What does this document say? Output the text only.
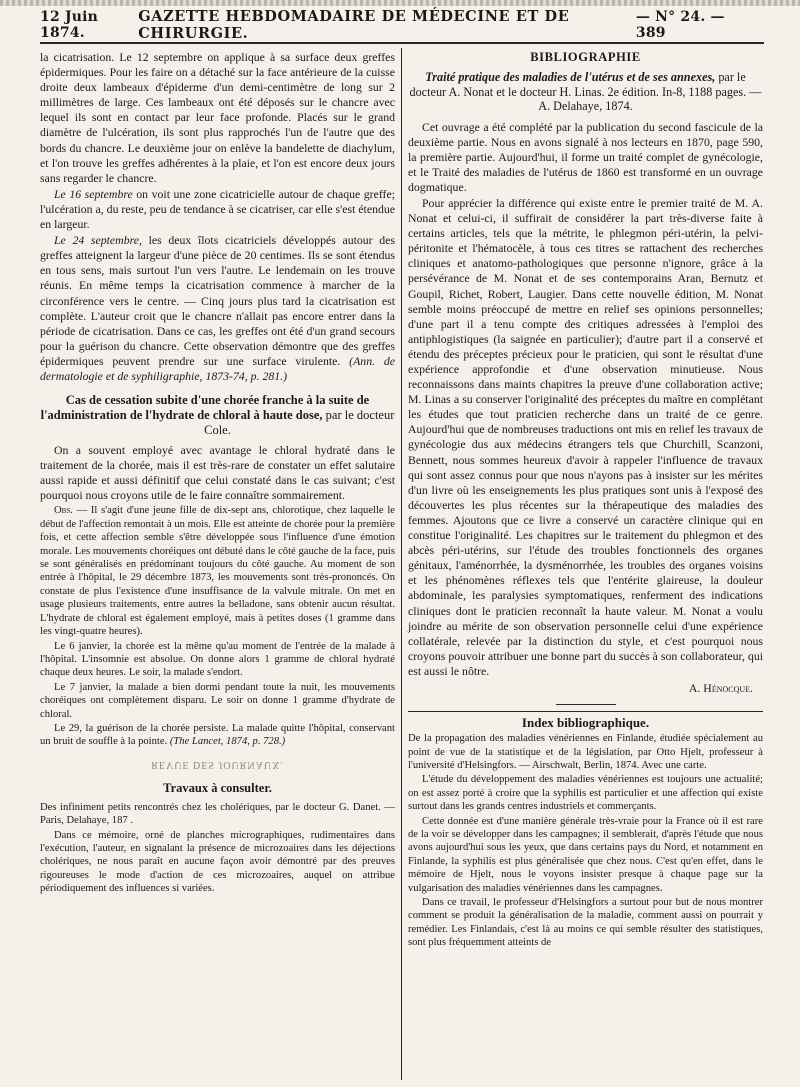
12 Juin 1874.
GAZETTE HEBDOMADAIRE DE MÉDECINE ET DE CHIRURGIE.
— N° 24. —  389

la cicatrisation. Le 12 septembre on applique à sa surface deux greffes épidermiques. Pour les faire on a détaché sur la face antérieure de la cuisse droite deux lambeaux d'épiderme d'un demi-centimètre de long sur 2 millimètres de large. Ces lambeaux ont été déposés sur le chancre avec lequel ils sont en contact par leur face profonde. Placés sur le grand diamètre de l'ulcération, ils sont plus rapprochés l'un de l'autre que des bords du chancre. Le deuxième jour on enlève la bandelette de diachylum, et l'on trouve les greffes adhérentes à la plaie, et l'on est encore deux jours sans regarder le chancre.

Le 16 septembre on voit une zone cicatricielle autour de chaque greffe; l'ulcération a, du reste, peu de tendance à se cicatriser, car elle s'est étendue en largeur.

Le 24 septembre, les deux îlots cicatriciels développés autour des greffes atteignent la largeur d'une pièce de 20 centimes. Ils se sont étendus en tous sens, mais surtout l'un vers l'autre. Le lendemain on les trouve réunis. En même temps la cicatrisation commence à marcher de la circonférence vers le centre. — Cinq jours plus tard la cicatrisation est complète. L'auteur croit que le chancre n'allait pas encore entrer dans la période de cicatrisation. Dans ce cas, les greffes ont été d'un grand secours pour la guérison du chancre. Cette observation démontre que des greffes épidermiques peuvent prendre sur une surface virulente. (Ann. de dermatologie et de syphiligraphie, 1873-74, p. 281.)

Cas de cessation subite d'une chorée franche à la suite de l'administration de l'hydrate de chloral à haute dose, par le docteur Cole.

On a souvent employé avec avantage le chloral hydraté dans le traitement de la chorée, mais il est très-rare de constater un effet salutaire aussi rapide et aussi définitif que celui constaté dans le cas suivant; c'est pourquoi nous croyons utile de le faire connaître sommairement.

Obs. — Il s'agit d'une jeune fille de dix-sept ans, chlorotique, chez laquelle le début de l'affection remontait à un mois. Elle est atteinte de chorée pour la première fois, et cette affection semble s'être développée sous l'influence d'une émotion morale. Les mouvements choréiques ont débuté dans le côté gauche de la face, puis se sont généralisés en prédominant toujours du côté gauche. Au moment de son entrée à l'hôpital, le 29 décembre 1873, les mouvements sont très-prononcés. On constate de plus l'existence d'une insuffisance de la valvule mitrale. On met en usage plusieurs traitements, entre autres la belladone, sans obtenir aucun résultat. L'hydrate de chloral est également employé, mais à petites doses (1 gramme dans les vingt-quatre heures).

Le 6 janvier, la chorée est la même qu'au moment de l'entrée de la malade à l'hôpital. L'insomnie est absolue. On donne alors 1 gramme de chloral hydraté chaque deux heures. Le soir, la malade s'endort.

Le 7 janvier, la malade a bien dormi pendant toute la nuit, les mouvements choréiques ont complètement disparu. Le soir on donne 1 gramme d'hydrate de chloral.

Le 29, la guérison de la chorée persiste. La malade quitte l'hôpital, conservant un bruit de souffle à la pointe. (The Lancet, 1874, p. 728.)

REVUE DES JOURNAUX.
Travaux à consulter.

Des infiniment petits rencontrés chez les cholériques, par le docteur G. Danet. — Paris, Delahaye, 187 .

Dans ce mémoire, orné de planches micrographiques, rudimentaires dans l'exécution, l'auteur, en signalant la présence de microzoaires dans les déjections cholériques, ne nous paraît en aucune façon avoir démontré par des preuves rigoureuses le mode d'action de ces microzoaires, auquel on attribue périodiquement des influences si variées.

BIBLIOGRAPHIE
Traité pratique des maladies de l'utérus et de ses annexes, par le docteur A. Nonat et le docteur H. Linas. 2e édition. In-8, 1188 pages. — A. Delahaye, 1874.

Cet ouvrage a été complété par la publication du second fascicule de la deuxième partie. Nous en avons signalé à nos lecteurs en 1870, page 590, la première partie. Aujourd'hui, il forme un traité complet de gynécologie, et le Traité des maladies de l'utérus de 1860 est transformé en un ouvrage dogmatique.

Pour apprécier la différence qui existe entre le premier traité de M. A. Nonat et celui-ci, il suffirait de considérer la part très-diverse faite à certains articles, tels que la métrite, le phlegmon péri-utérin, la pelvi-péritonite et l'hématocèle, à tous ces titres se rattachent des recherches cliniques et anatomo-pathologiques que personne n'ignore, grâce à la persévérance de M. Nonat et de ses contemporains Aran, Bernutz et Goupil, Richet, Robert, Laugier. Dans cette nouvelle édition, M. Nonat semble moins préoccupé de mettre en relief ses opinions personnelles; d'une part il a tenu compte des critiques adressées à l'emploi des antiphlogistiques (la saignée en particulier); d'autre part il a conservé et étendu des préceptes précieux pour le praticien, qui sont le résultat d'une expérience approfondie et d'une observation minutieuse. Nous reconnaissons dans maints chapitres la preuve d'une collaboration active; M. Linas a su conserver l'originalité des préceptes du maître en complétant les études que tout praticien recherche dans un traité de ce genre. Aujourd'hui que de nombreuses traductions ont mis en relief les travaux de gynécologie dus aux médecins étrangers tels que Churchill, Scanzoni, Bennett, nous sommes heureux d'avoir à rappeler l'influence de travaux qui sont assez connus pour que nous n'ayons pas à insister sur les mérites d'un livre où les enseignements les plus pratiques sont unis à l'exposé des découvertes les plus récentes sur la thérapeutique des maladies des femmes. Ajoutons que ce livre a conservé un caractère clinique qui en constitue l'originalité. Les chapitres sur le traitement du phlegmon et des abcès péri-utérins, sur l'étude des troubles fonctionnels des organes génitaux, l'aménorrhée, la dysménorrhée, les troubles des organes voisins et les phénomènes réflexes tels que l'entérite glaireuse, la douleur abdominale, les paralysies symptomatiques, renferment des indications cliniques dont le praticien reconnaît la haute valeur. M. Nonat a voulu joindre au mérite de son observation personnelle celui d'une expérience collatérale, relevée par la distinction du style, et c'est pourquoi nous croyons pouvoir attribuer une bonne part du succès à son collaborateur, qui est aussi le nôtre.

A. Hénocque.
Index bibliographique.

De la propagation des maladies vénériennes en Finlande, étudiée spécialement au point de vue de la statistique et de la législation, par Otto Hjelt, professeur à l'université d'Helsingfors. — Airschwalt, Berlin, 1874. Avec une carte.

L'étude du développement des maladies vénériennes est toujours une actualité; on est assez porté à croire que la syphilis est particulier et une affection qui existe surtout dans les grands centres industriels et commerçants.

Cette donnée est d'une manière générale très-vraie pour la France où il est rare de la voir se développer dans les campagnes; il semblerait, d'après l'étude que nous avons aujourd'hui sous les yeux, que dans certains pays du Nord, et notamment en Finlande, la syphilis est plus généralisée que chez nous. C'est qu'en effet, dans le mémoire de Hjelt, nous le voyons insister presque à chaque page sur la vulgarisation des maladies vénériennes dans les campagnes.

Dans ce travail, le professeur d'Helsingfors a surtout pour but de nous montrer comment se produit la généralisation de la maladie, comment aussi on pourrait y remédier. Les Finlandais, c'est là au moins ce qui semble résulter des statistiques, sont plus fréquemment atteints de
